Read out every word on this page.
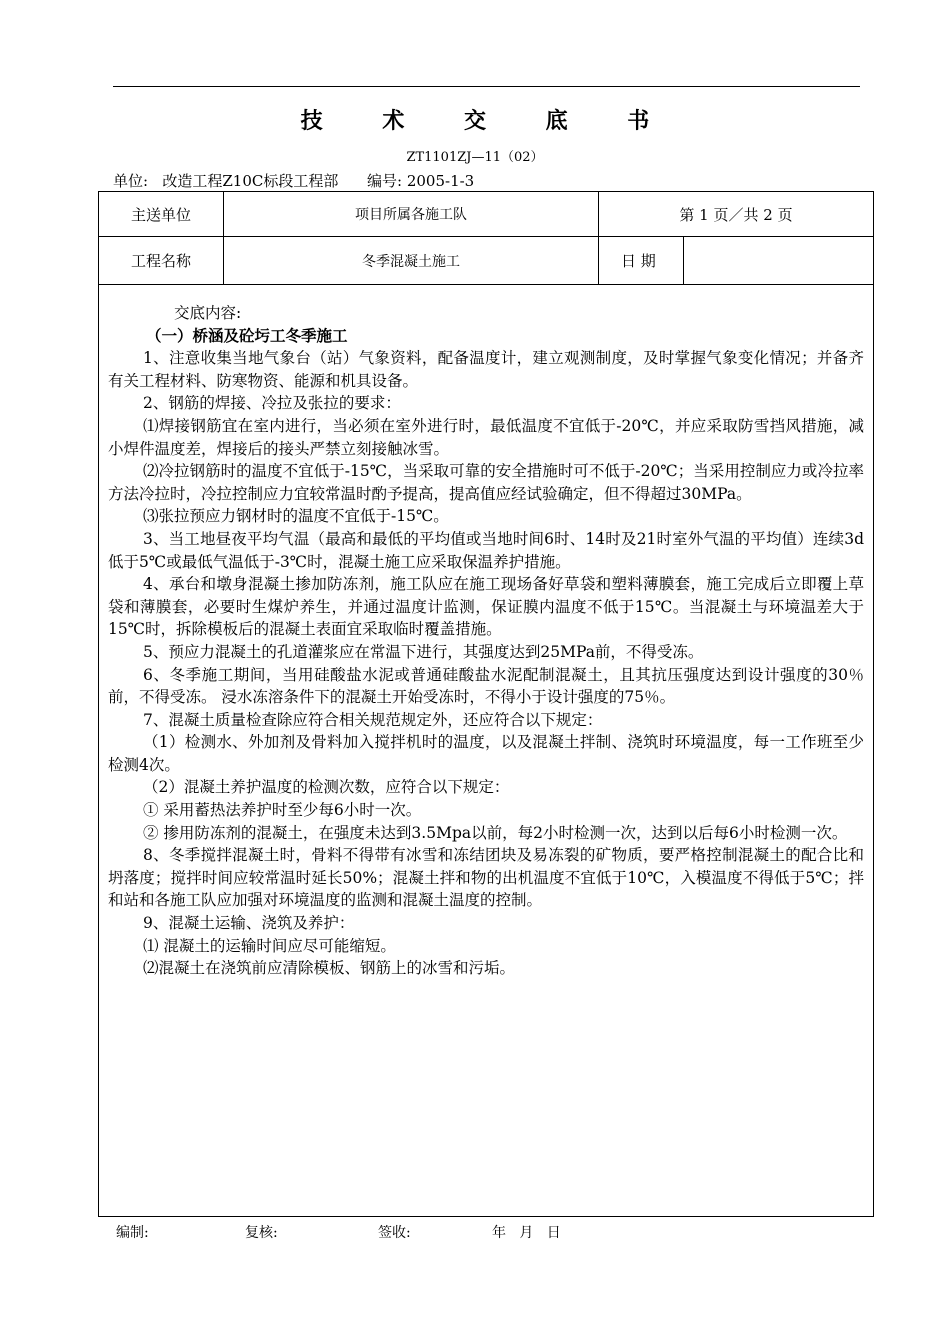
技 术 交 底 书
ZT1101ZJ—11（02）
单位: 改造工程Z10C标段工程部 编号: 2005-1-3
主送单位	项目所属各施工队	第 1 页／共 2 页
工程名称	冬季混凝土施工	日 期

交底内容:

（一）桥涵及砼圬工冬季施工

1、注意收集当地气象台（站）气象资料，配备温度计，建立观测制度，及时掌握气象变化情况；并备齐有关工程材料、防寒物资、能源和机具设备。

2、钢筋的焊接、冷拉及张拉的要求：

⑴焊接钢筋宜在室内进行，当必须在室外进行时，最低温度不宜低于-20℃，并应采取防雪挡风措施，减小焊件温度差，焊接后的接头严禁立刻接触冰雪。

⑵冷拉钢筋时的温度不宜低于-15℃，当采取可靠的安全措施时可不低于-20℃；当采用控制应力或冷拉率方法冷拉时，冷拉控制应力宜较常温时酌予提高，提高值应经试验确定，但不得超过30MPa。

⑶张拉预应力钢材时的温度不宜低于-15℃。

3、当工地昼夜平均气温（最高和最低的平均值或当地时间6时、14时及21时室外气温的平均值）连续3d低于5℃或最低气温低于-3℃时，混凝土施工应采取保温养护措施。

4、承台和墩身混凝土掺加防冻剂，施工队应在施工现场备好草袋和塑料薄膜套，施工完成后立即覆上草袋和薄膜套，必要时生煤炉养生，并通过温度计监测，保证膜内温度不低于15℃。当混凝土与环境温差大于15℃时，拆除模板后的混凝土表面宜采取临时覆盖措施。

5、预应力混凝土的孔道灌浆应在常温下进行，其强度达到25MPa前，不得受冻。

6、冬季施工期间，当用硅酸盐水泥或普通硅酸盐水泥配制混凝土，且其抗压强度达到设计强度的30％前，不得受冻。 浸水冻溶条件下的混凝土开始受冻时，不得小于设计强度的75％。

7、混凝土质量检查除应符合相关规范规定外，还应符合以下规定：

（1）检测水、外加剂及骨料加入搅拌机时的温度，以及混凝土拌制、浇筑时环境温度，每一工作班至少检测4次。

（2）混凝土养护温度的检测次数，应符合以下规定：

① 采用蓄热法养护时至少每6小时一次。

② 掺用防冻剂的混凝土，在强度未达到3.5Mpa以前，每2小时检测一次，达到以后每6小时检测一次。

8、冬季搅拌混凝土时，骨料不得带有冰雪和冻结团块及易冻裂的矿物质，要严格控制混凝土的配合比和坍落度；搅拌时间应较常温时延长50%；混凝土拌和物的出机温度不宜低于10℃，入模温度不得低于5℃；拌和站和各施工队应加强对环境温度的监测和混凝土温度的控制。

9、混凝土运输、浇筑及养护：

⑴ 混凝土的运输时间应尽可能缩短。

⑵混凝土在浇筑前应清除模板、钢筋上的冰雪和污垢。

编制:	复核:	签收:	年   月   日
